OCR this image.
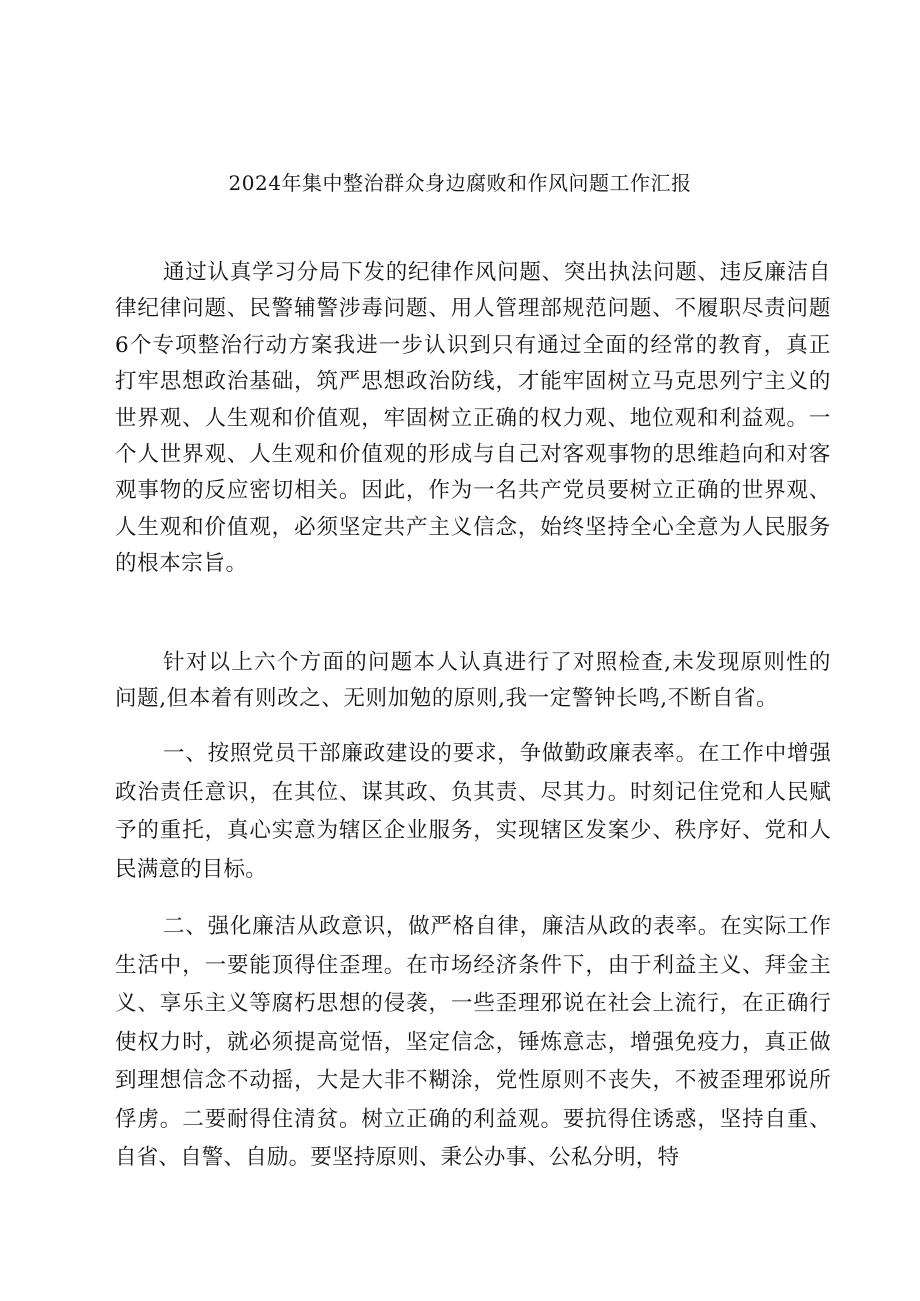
2024年集中整治群众身边腐败和作风问题工作汇报

通过认真学习分局下发的纪律作风问题、突出执法问题、违反廉洁自律纪律问题、民警辅警涉毒问题、用人管理部规范问题、不履职尽责问题6个专项整治行动方案我进一步认识到只有通过全面的经常的教育，真正打牢思想政治基础，筑严思想政治防线，才能牢固树立马克思列宁主义的世界观、人生观和价值观，牢固树立正确的权力观、地位观和利益观。一个人世界观、人生观和价值观的形成与自己对客观事物的思维趋向和对客观事物的反应密切相关。因此，作为一名共产党员要树立正确的世界观、人生观和价值观，必须坚定共产主义信念，始终坚持全心全意为人民服务的根本宗旨。

针对以上六个方面的问题本人认真进行了对照检查,未发现原则性的问题,但本着有则改之、无则加勉的原则,我一定警钟长鸣,不断自省。

一、按照党员干部廉政建设的要求，争做勤政廉表率。在工作中增强政治责任意识，在其位、谋其政、负其责、尽其力。时刻记住党和人民赋予的重托，真心实意为辖区企业服务，实现辖区发案少、秩序好、党和人民满意的目标。

二、强化廉洁从政意识，做严格自律，廉洁从政的表率。在实际工作生活中，一要能顶得住歪理。在市场经济条件下，由于利益主义、拜金主义、享乐主义等腐朽思想的侵袭，一些歪理邪说在社会上流行，在正确行使权力时，就必须提高觉悟，坚定信念，锤炼意志，增强免疫力，真正做到理想信念不动摇，大是大非不糊涂，党性原则不丧失，不被歪理邪说所俘虏。二要耐得住清贫。树立正确的利益观。要抗得住诱惑，坚持自重、自省、自警、自励。要坚持原则、秉公办事、公私分明，特
